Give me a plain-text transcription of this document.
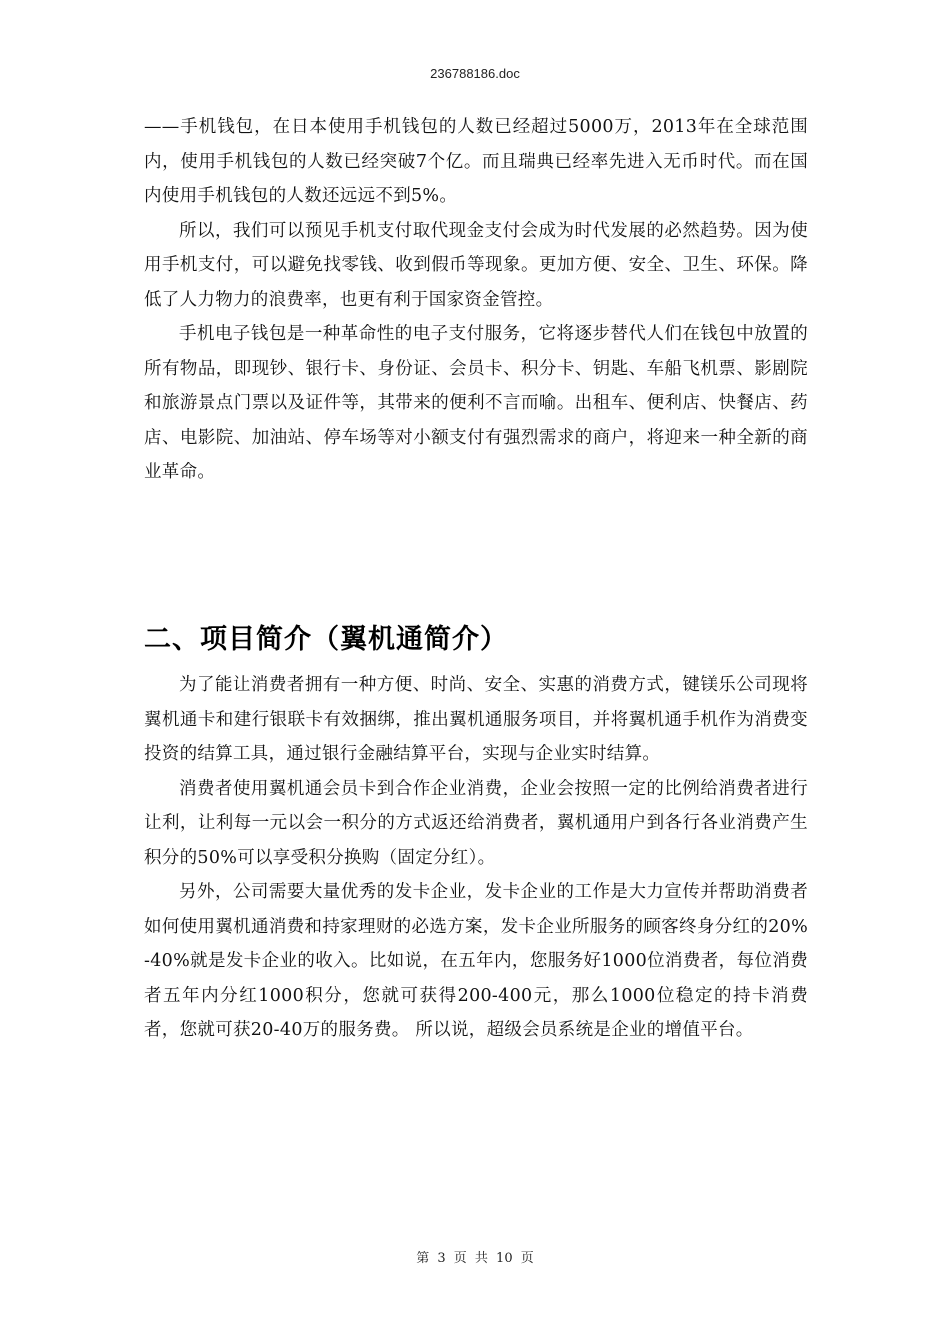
236788186.doc

——手机钱包，在日本使用手机钱包的人数已经超过5000万，2013年在全球范围内，使用手机钱包的人数已经突破7个亿。而且瑞典已经率先进入无币时代。而在国内使用手机钱包的人数还远远不到5%。

所以，我们可以预见手机支付取代现金支付会成为时代发展的必然趋势。因为使用手机支付，可以避免找零钱、收到假币等现象。更加方便、安全、卫生、环保。降低了人力物力的浪费率，也更有利于国家资金管控。

手机电子钱包是一种革命性的电子支付服务，它将逐步替代人们在钱包中放置的所有物品，即现钞、银行卡、身份证、会员卡、积分卡、钥匙、车船飞机票、影剧院和旅游景点门票以及证件等，其带来的便利不言而喻。出租车、便利店、快餐店、药店、电影院、加油站、停车场等对小额支付有强烈需求的商户，将迎来一种全新的商业革命。

二、项目简介（翼机通简介）

为了能让消费者拥有一种方便、时尚、安全、实惠的消费方式，键镁乐公司现将翼机通卡和建行银联卡有效捆绑，推出翼机通服务项目，并将翼机通手机作为消费变投资的结算工具，通过银行金融结算平台，实现与企业实时结算。

消费者使用翼机通会员卡到合作企业消费，企业会按照一定的比例给消费者进行让利，让利每一元以会一积分的方式返还给消费者，翼机通用户到各行各业消费产生积分的50%可以享受积分换购（固定分红）。

另外，公司需要大量优秀的发卡企业，发卡企业的工作是大力宣传并帮助消费者如何使用翼机通消费和持家理财的必选方案，发卡企业所服务的顾客终身分红的20%-40%就是发卡企业的收入。比如说，在五年内，您服务好1000位消费者，每位消费者五年内分红1000积分，您就可获得200-400元，那么1000位稳定的持卡消费者，您就可获20-40万的服务费。 所以说，超级会员系统是企业的增值平台。

第 3 页 共 10 页
